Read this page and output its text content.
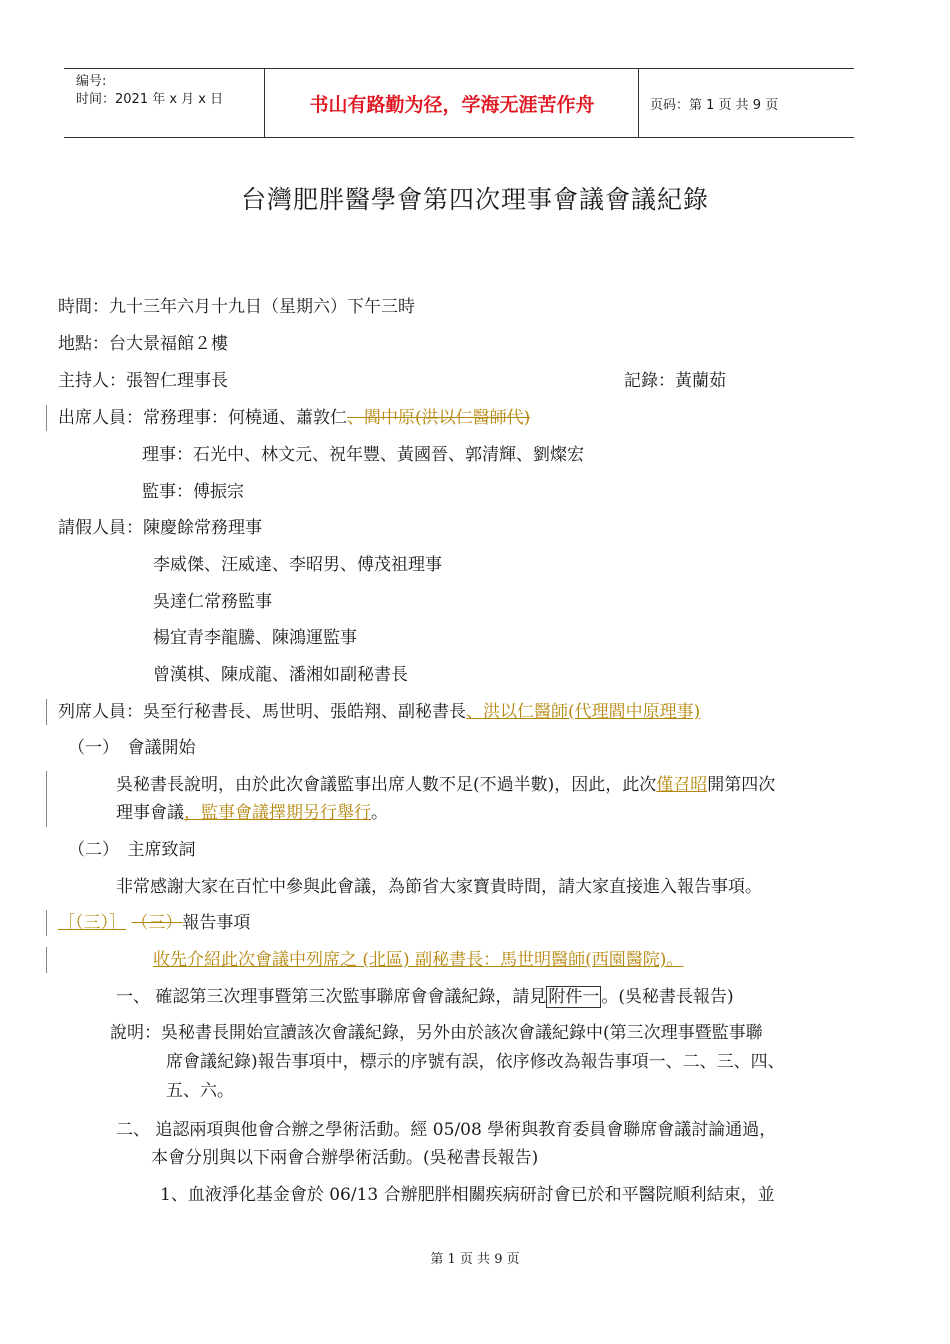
编号:
时间：2021 年 x 月 x 日	书山有路勤为径，学海无涯苦作舟	页码：第 1 页 共 9 页
台灣肥胖醫學會第四次理事會議會議紀錄
時間：九十三年六月十九日（星期六）下午三時
地點：台大景福館２樓
主持人：張智仁理事長	記錄：黃蘭茹
出席人員：常務理事：何橈通、蕭敦仁、閻中原(洪以仁醫師代)
理事：石光中、林文元、祝年豐、黃國晉、郭清輝、劉燦宏
監事：傅振宗
請假人員：陳慶餘常務理事
李威傑、汪威達、李昭男、傅茂祖理事
吳達仁常務監事
楊宜青李龍騰、陳鴻運監事
曾漢棋、陳成龍、潘湘如副秘書長
列席人員：吳至行秘書長、馬世明、張皓翔、副秘書長、洪以仁醫師(代理閻中原理事)
（一）　會議開始
吳秘書長說明，由於此次會議監事出席人數不足(不過半數)，因此，此次僅召昭開第四次
理事會議，監事會議擇期另行舉行。
（二）　主席致詞
非常感謝大家在百忙中參與此會議，為節省大家寶貴時間，請大家直接進入報告事項。
［（三）］ （三）報告事項
收先介紹此次會議中列席之 (北區) 副秘書長：馬世明醫師(西園醫院)。
一、 確認第三次理事暨第三次監事聯席會會議紀錄，請見 附件一 。(吳秘書長報告)
說明：吳秘書長開始宣讀該次會議紀錄，另外由於該次會議紀錄中(第三次理事暨監事聯
席會議紀錄)報告事項中，標示的序號有誤，依序修改為報告事項一、二、三、四、
五、六。
二、 追認兩項與他會合辦之學術活動。經 05/08 學術與教育委員會聯席會議討論通過，
本會分別與以下兩會合辦學術活動。(吳秘書長報告)
1、血液淨化基金會於 06/13 合辦肥胖相關疾病研討會已於和平醫院順利結束，並
第 1 页 共 9 页
